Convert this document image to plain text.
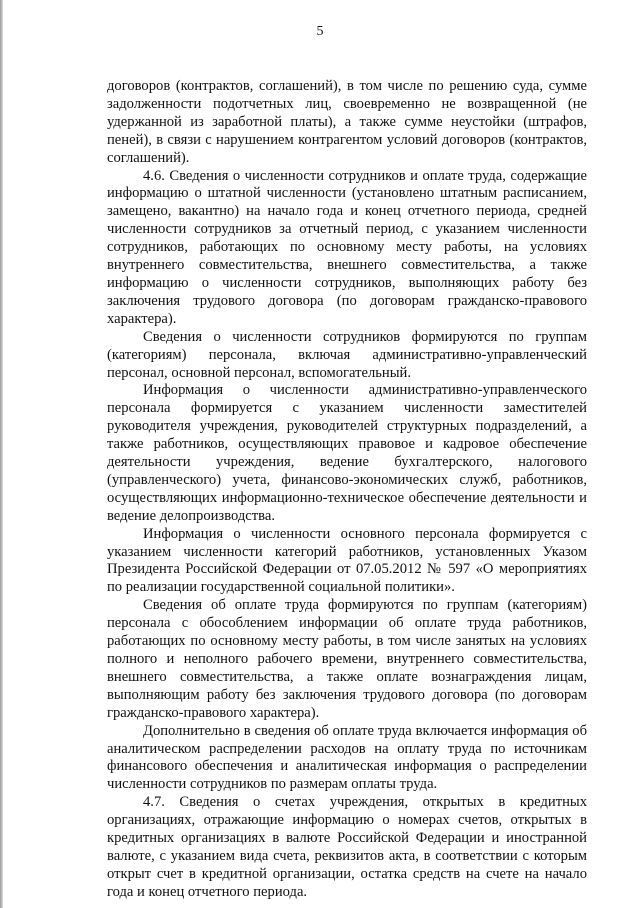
5

договоров (контрактов, соглашений), в том числе по решению суда, сумме задолженности подотчетных лиц, своевременно не возвращенной (не удержанной из заработной платы), а также сумме неустойки (штрафов, пеней), в связи с нарушением контрагентом условий договоров (контрактов, соглашений).

4.6. Сведения о численности сотрудников и оплате труда, содержащие информацию о штатной численности (установлено штатным расписанием, замещено, вакантно) на начало года и конец отчетного периода, средней численности сотрудников за отчетный период, с указанием численности сотрудников, работающих по основному месту работы, на условиях внутреннего совместительства, внешнего совместительства, а также информацию о численности сотрудников, выполняющих работу без заключения трудового договора (по договорам гражданско-правового характера).

Сведения о численности сотрудников формируются по группам (категориям) персонала, включая административно-управленческий персонал, основной персонал, вспомогательный.

Информация о численности административно-управленческого персонала формируется с указанием численности заместителей руководителя учреждения, руководителей структурных подразделений, а также работников, осуществляющих правовое и кадровое обеспечение деятельности учреждения, ведение бухгалтерского, налогового (управленческого) учета, финансово-экономических служб, работников, осуществляющих информационно-техническое обеспечение деятельности и ведение делопроизводства.

Информация о численности основного персонала формируется с указанием численности категорий работников, установленных Указом Президента Российской Федерации от 07.05.2012 № 597 «О мероприятиях по реализации государственной социальной политики».

Сведения об оплате труда формируются по группам (категориям) персонала с обособлением информации об оплате труда работников, работающих по основному месту работы, в том числе занятых на условиях полного и неполного рабочего времени, внутреннего совместительства, внешнего совместительства, а также оплате вознаграждения лицам, выполняющим работу без заключения трудового договора (по договорам гражданско-правового характера).

Дополнительно в сведения об оплате труда включается информация об аналитическом распределении расходов на оплату труда по источникам финансового обеспечения и аналитическая информация о распределении численности сотрудников по размерам оплаты труда.

4.7. Сведения о счетах учреждения, открытых в кредитных организациях, отражающие информацию о номерах счетов, открытых в кредитных организациях в валюте Российской Федерации и иностранной валюте, с указанием вида счета, реквизитов акта, в соответствии с которым открыт счет в кредитной организации, остатка средств на счете на начало года и конец отчетного периода.
